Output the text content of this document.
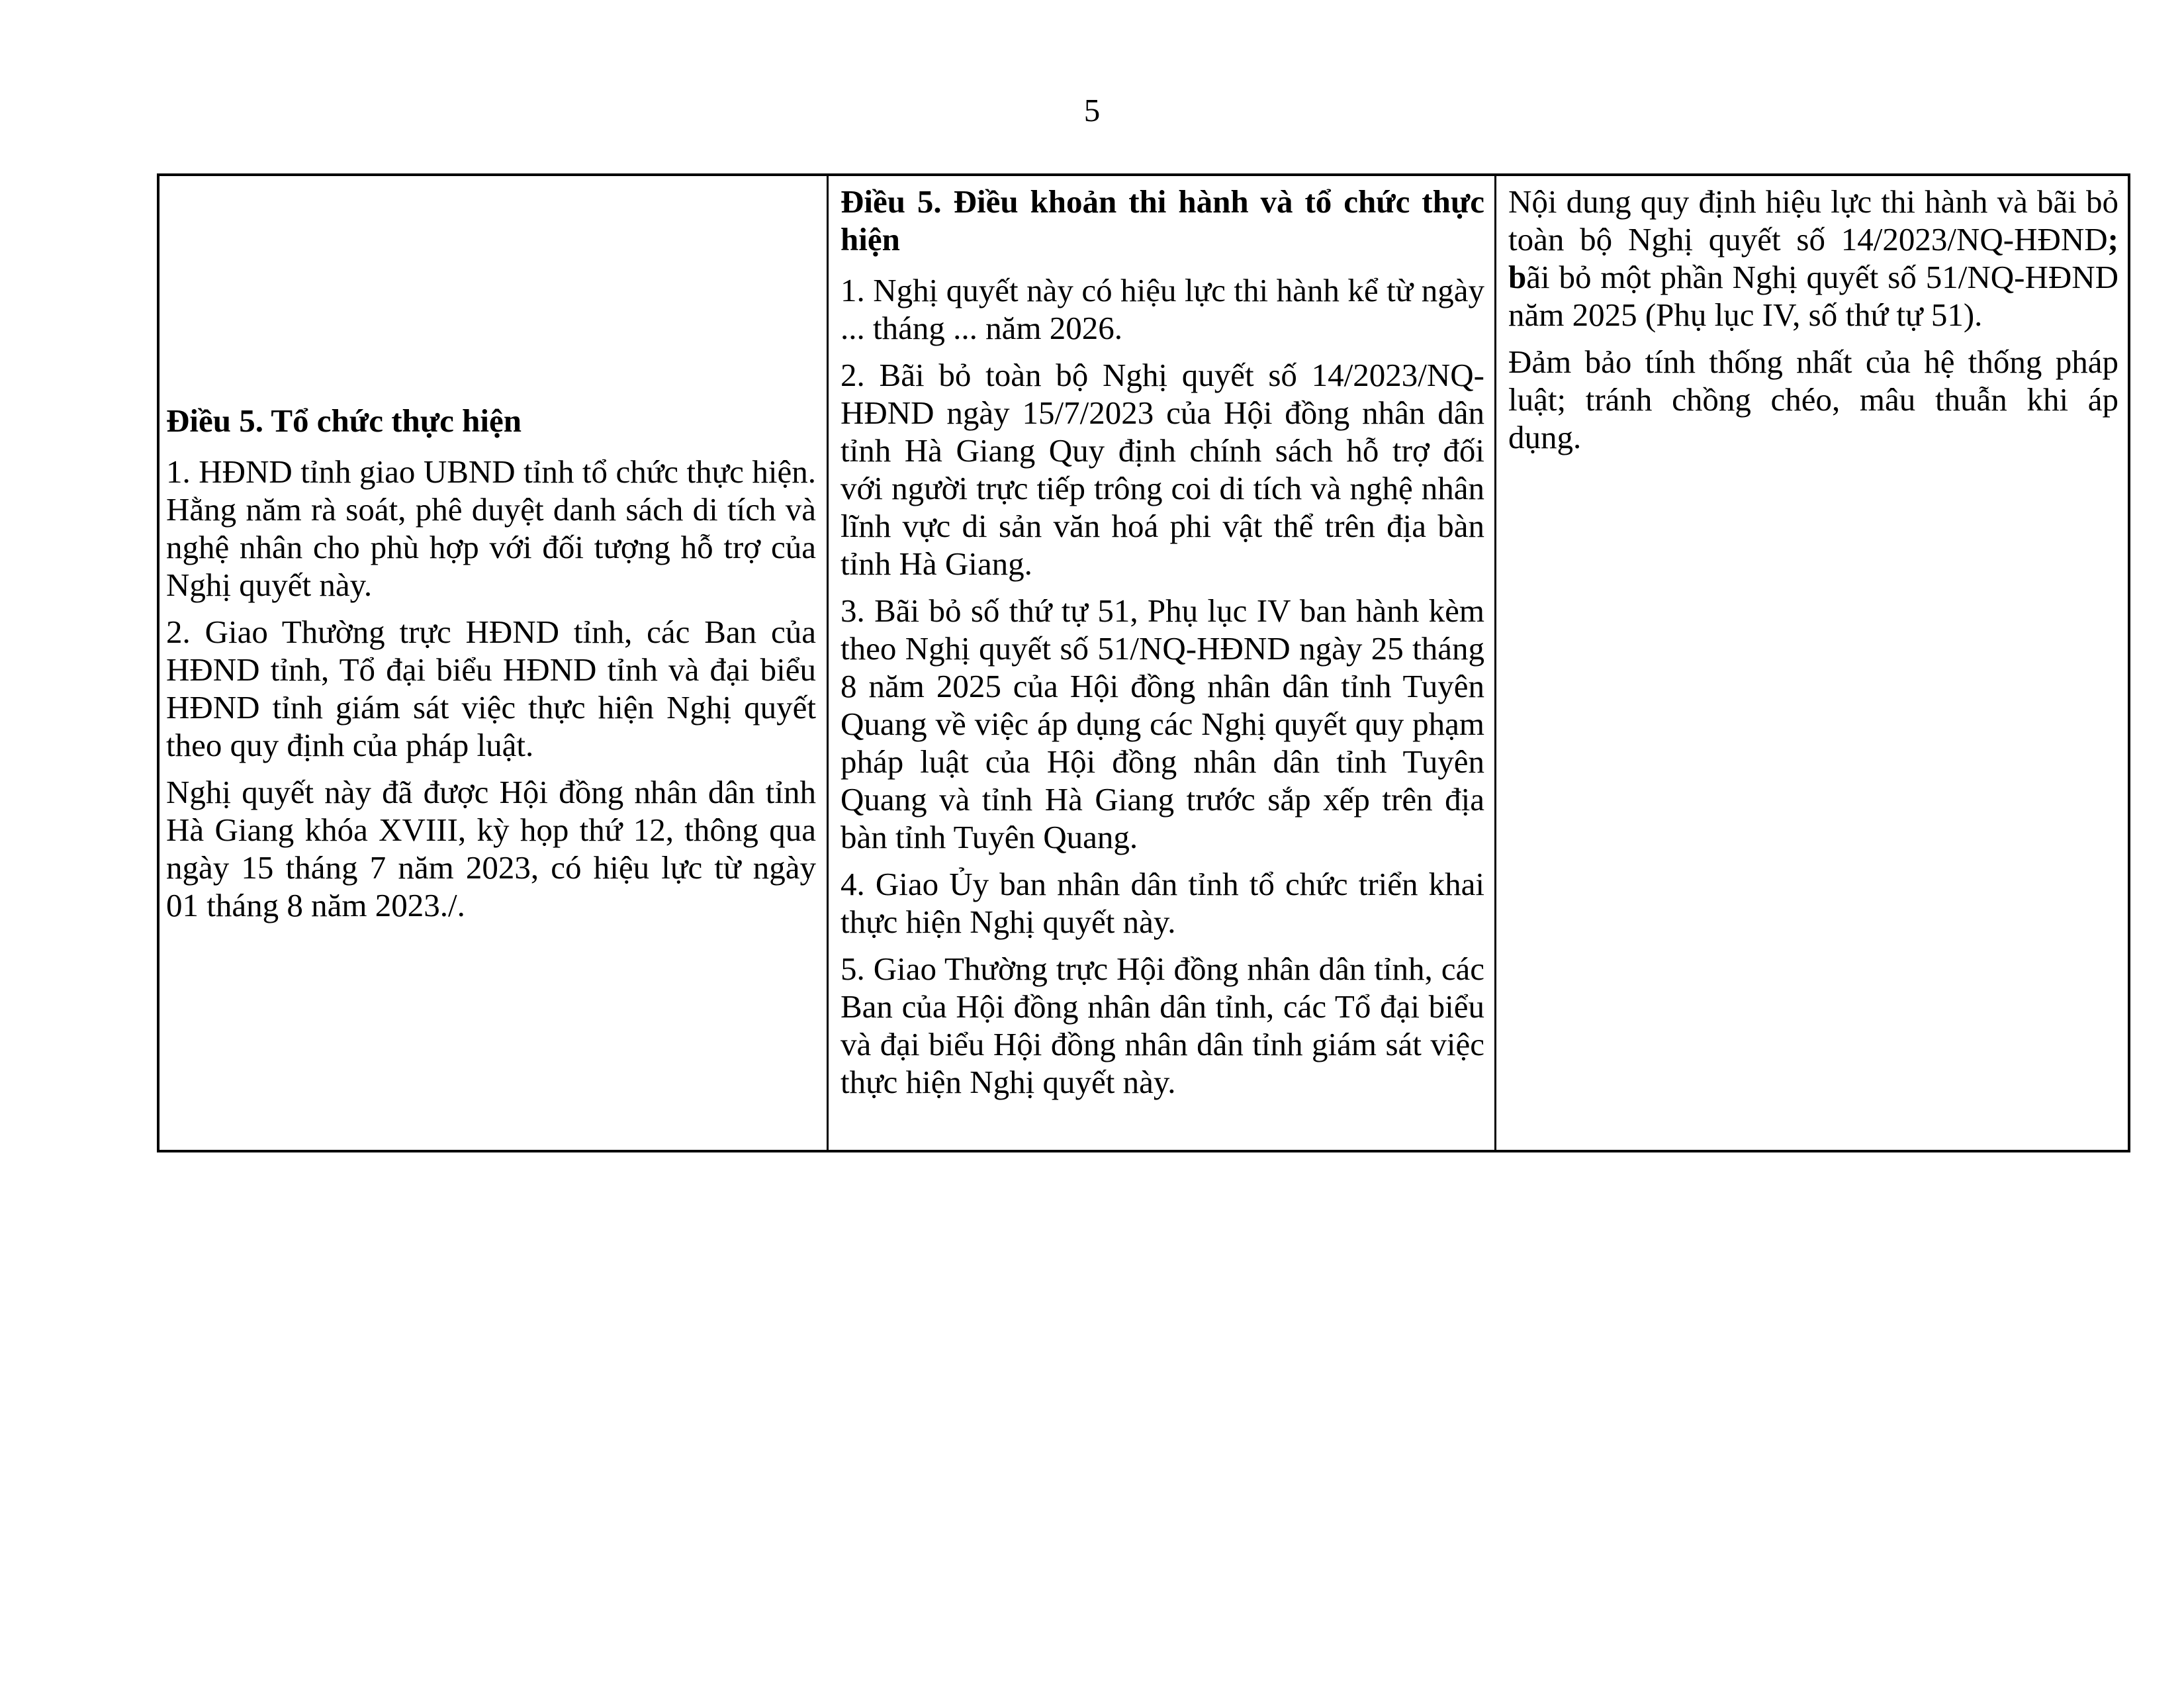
5

Điều 5. Tổ chức thực hiện

1. HĐND tỉnh giao UBND tỉnh tổ chức thực hiện. Hằng năm rà soát, phê duyệt danh sách di tích và nghệ nhân cho phù hợp với đối tượng hỗ trợ của Nghị quyết này.

2. Giao Thường trực HĐND tỉnh, các Ban của HĐND tỉnh, Tổ đại biểu HĐND tỉnh và đại biểu HĐND tỉnh giám sát việc thực hiện Nghị quyết theo quy định của pháp luật.

Nghị quyết này đã được Hội đồng nhân dân tỉnh Hà Giang khóa XVIII, kỳ họp thứ 12, thông qua ngày 15 tháng 7 năm 2023, có hiệu lực từ ngày 01 tháng 8 năm 2023./.

Điều 5. Điều khoản thi hành và tổ chức thực hiện

1. Nghị quyết này có hiệu lực thi hành kể từ ngày ... tháng ... năm 2026.

2. Bãi bỏ toàn bộ Nghị quyết số 14/2023/NQ-HĐND ngày 15/7/2023 của Hội đồng nhân dân tỉnh Hà Giang Quy định chính sách hỗ trợ đối với người trực tiếp trông coi di tích và nghệ nhân lĩnh vực di sản văn hoá phi vật thể trên địa bàn tỉnh Hà Giang.

3. Bãi bỏ số thứ tự 51, Phụ lục IV ban hành kèm theo Nghị quyết số 51/NQ-HĐND ngày 25 tháng 8 năm 2025 của Hội đồng nhân dân tỉnh Tuyên Quang về việc áp dụng các Nghị quyết quy phạm pháp luật của Hội đồng nhân dân tỉnh Tuyên Quang và tỉnh Hà Giang trước sắp xếp trên địa bàn tỉnh Tuyên Quang.

4. Giao Ủy ban nhân dân tỉnh tổ chức triển khai thực hiện Nghị quyết này.

5. Giao Thường trực Hội đồng nhân dân tỉnh, các Ban của Hội đồng nhân dân tỉnh, các Tổ đại biểu và đại biểu Hội đồng nhân dân tỉnh giám sát việc thực hiện Nghị quyết này.

Nội dung quy định hiệu lực thi hành và bãi bỏ toàn bộ Nghị quyết số 14/2023/NQ-HĐND; bãi bỏ một phần Nghị quyết số 51/NQ-HĐND năm 2025 (Phụ lục IV, số thứ tự 51).

Đảm bảo tính thống nhất của hệ thống pháp luật; tránh chồng chéo, mâu thuẫn khi áp dụng.
